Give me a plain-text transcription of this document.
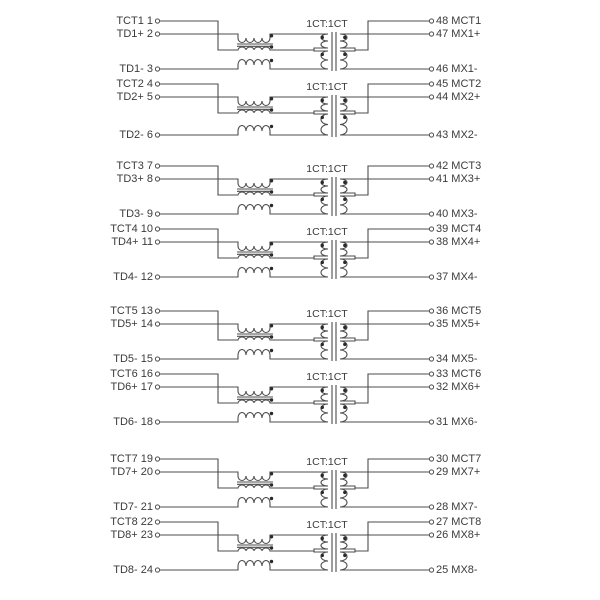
TCT1 1
TD1+ 2
TD1- 3
48 MCT1
47 MX1+
46 MX1-
1CT:1CT
TCT2 4
TD2+ 5
TD2- 6
45 MCT2
44 MX2+
43 MX2-
1CT:1CT
TCT3 7
TD3+ 8
TD3- 9
42 MCT3
41 MX3+
40 MX3-
1CT:1CT
TCT4 10
TD4+ 11
TD4- 12
39 MCT4
38 MX4+
37 MX4-
1CT:1CT
TCT5 13
TD5+ 14
TD5- 15
36 MCT5
35 MX5+
34 MX5-
1CT:1CT
TCT6 16
TD6+ 17
TD6- 18
33 MCT6
32 MX6+
31 MX6-
1CT:1CT
TCT7 19
TD7+ 20
TD7- 21
30 MCT7
29 MX7+
28 MX7-
1CT:1CT
TCT8 22
TD8+ 23
TD8- 24
27 MCT8
26 MX8+
25 MX8-
1CT:1CT
